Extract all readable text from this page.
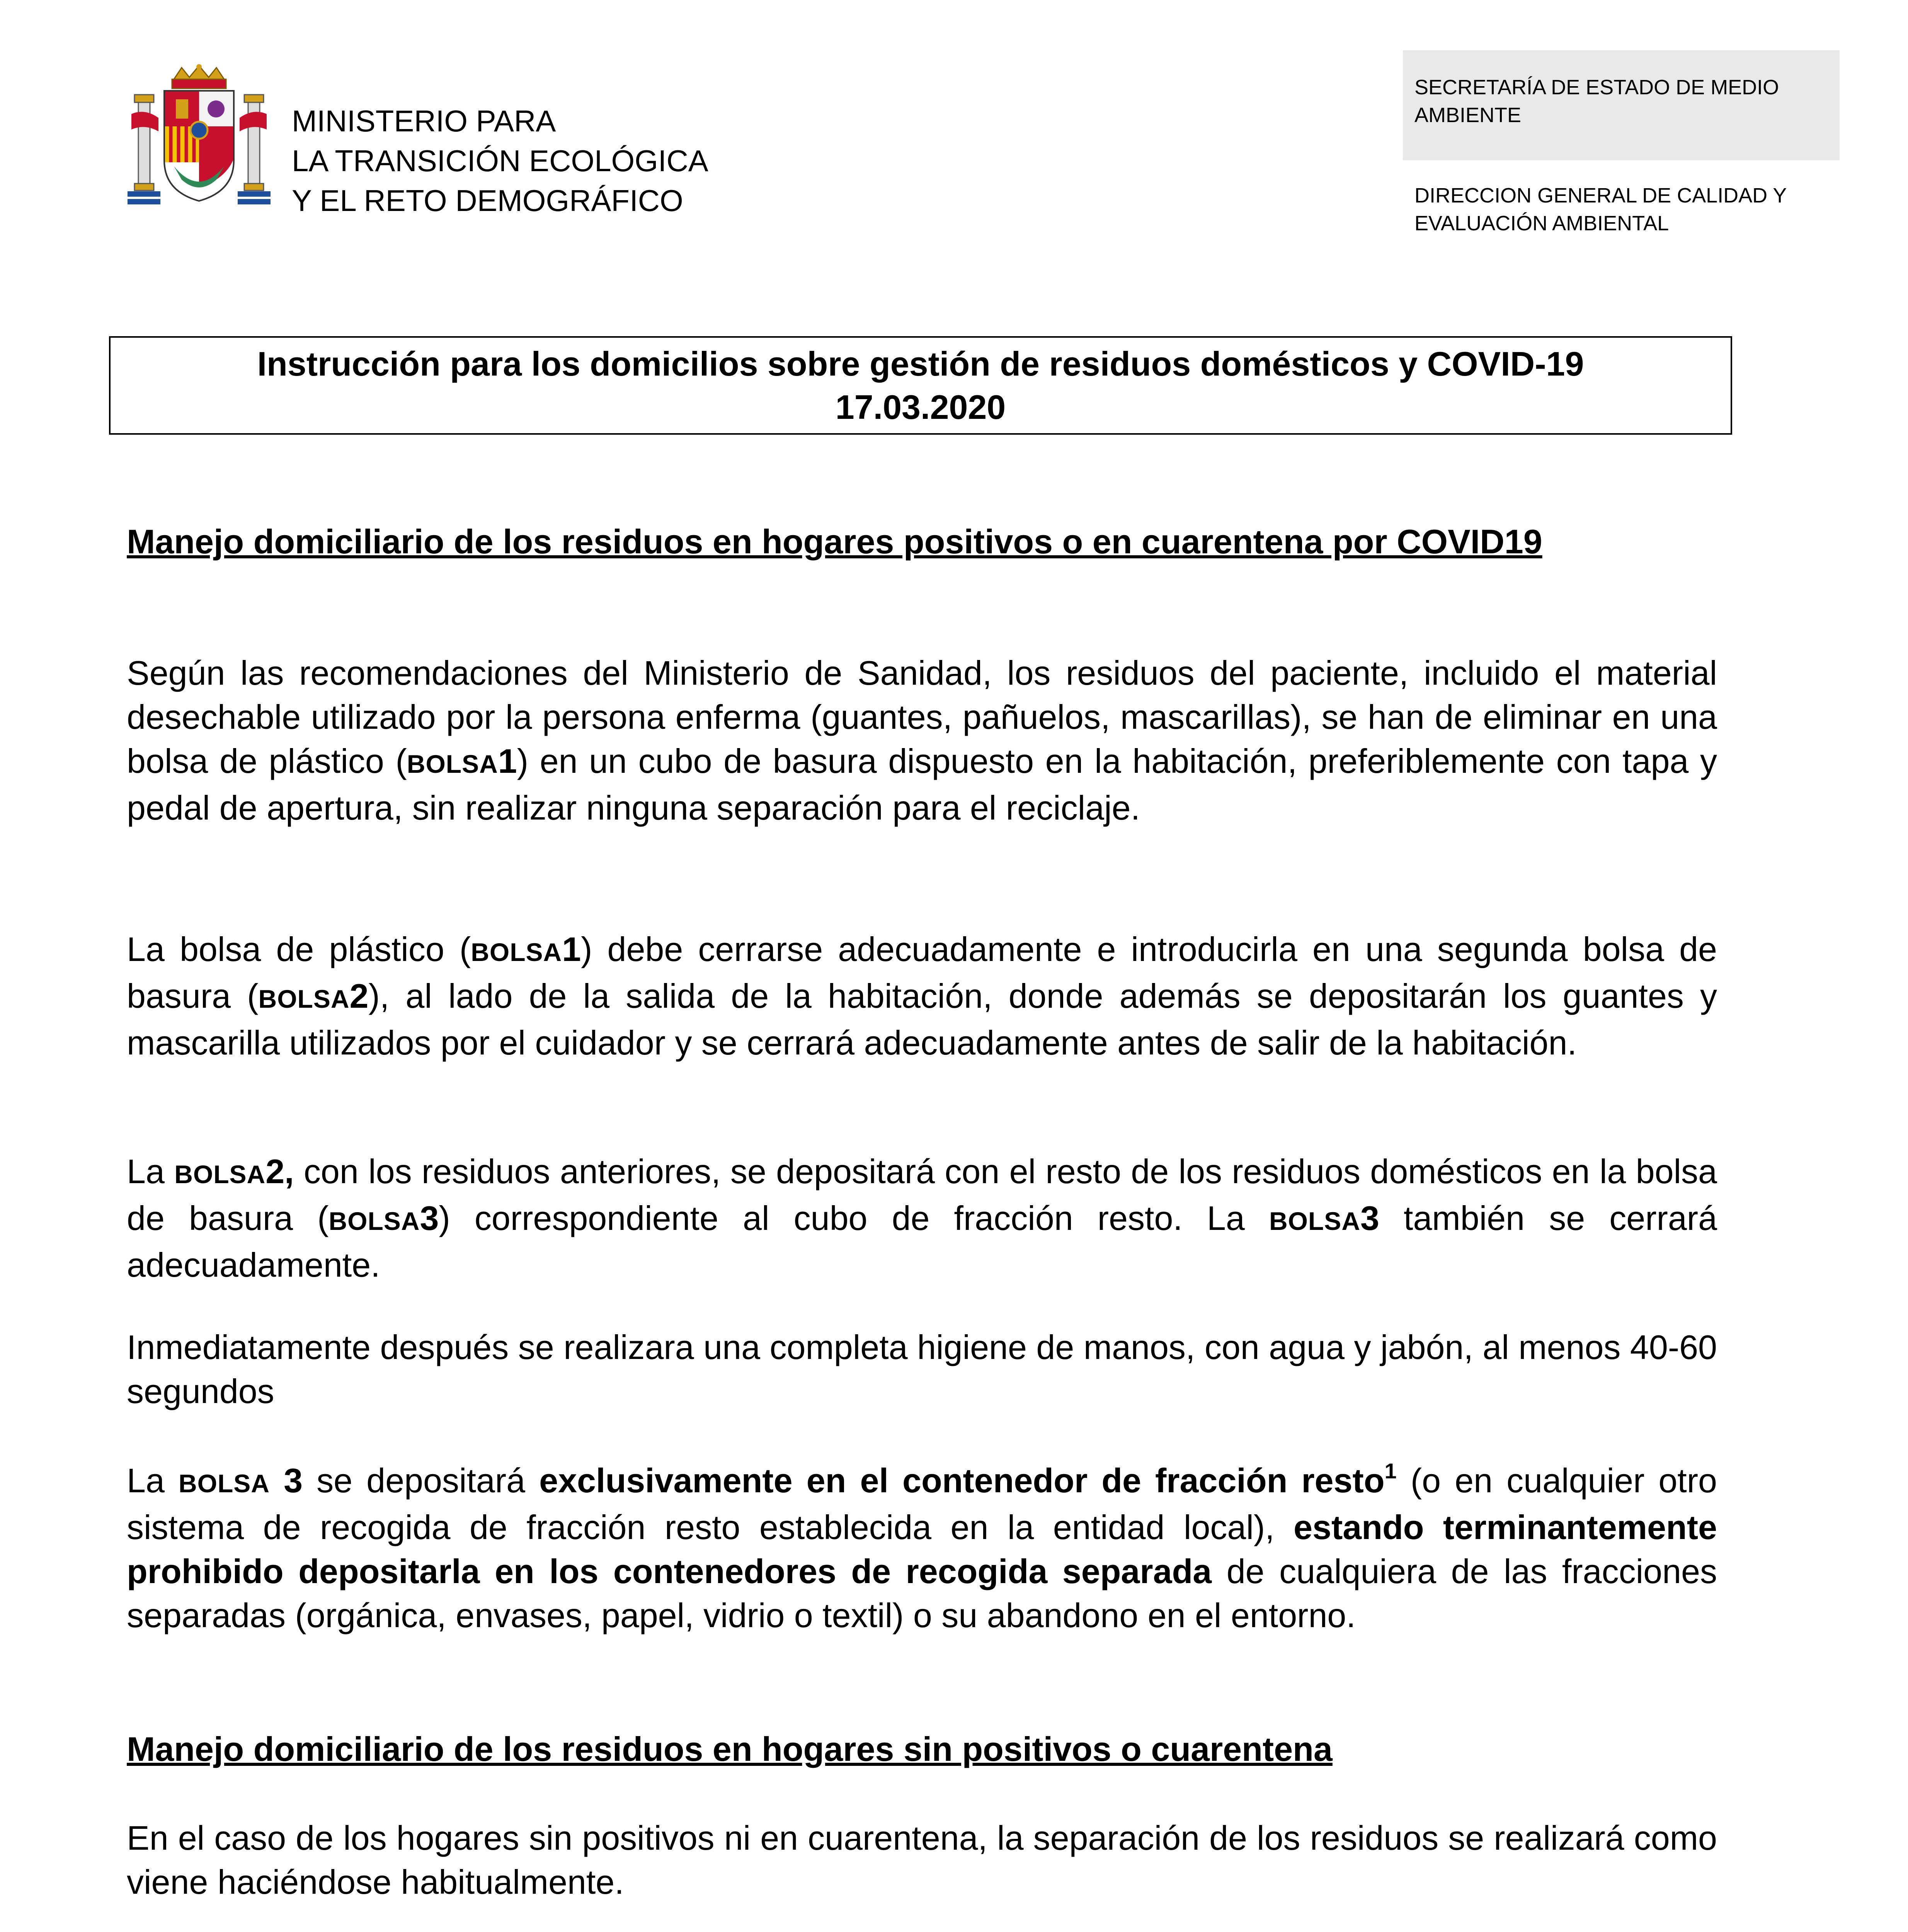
MINISTERIO PARA
LA TRANSICIÓN ECOLÓGICA
Y EL RETO DEMOGRÁFICO
SECRETARÍA DE ESTADO DE MEDIO
AMBIENTE
DIRECCION GENERAL DE CALIDAD Y
EVALUACIÓN AMBIENTAL
Instrucción para los domicilios sobre gestión de residuos domésticos y COVID-19
17.03.2020

Manejo domiciliario de los residuos en hogares positivos o en cuarentena por COVID19

Según las recomendaciones del Ministerio de Sanidad, los residuos del paciente, incluido el material desechable utilizado por la persona enferma (guantes, pañuelos, mascarillas), se han de eliminar en una bolsa de plástico (BOLSA1) en un cubo de basura dispuesto en la habitación, preferiblemente con tapa y pedal de apertura, sin realizar ninguna separación para el reciclaje.

La bolsa de plástico (BOLSA1) debe cerrarse adecuadamente e introducirla en una segunda bolsa de basura (BOLSA2), al lado de la salida de la habitación, donde además se depositarán los guantes y mascarilla utilizados por el cuidador y se cerrará adecuadamente antes de salir de la habitación.

La BOLSA2, con los residuos anteriores, se depositará con el resto de los residuos domésticos en la bolsa de basura (BOLSA3) correspondiente al cubo de fracción resto. La BOLSA3 también se cerrará adecuadamente.

Inmediatamente después se realizara una completa higiene de manos, con agua y jabón, al menos 40-60 segundos

La BOLSA 3 se depositará exclusivamente en el contenedor de fracción resto$^1$ (o en cualquier otro sistema de recogida de fracción resto establecida en la entidad local), estando terminantemente prohibido depositarla en los contenedores de recogida separada de cualquiera de las fracciones separadas (orgánica, envases, papel, vidrio o textil) o su abandono en el entorno.

Manejo domiciliario de los residuos en hogares sin positivos o cuarentena

En el caso de los hogares sin positivos ni en cuarentena, la separación de los residuos se realizará como viene haciéndose habitualmente.
